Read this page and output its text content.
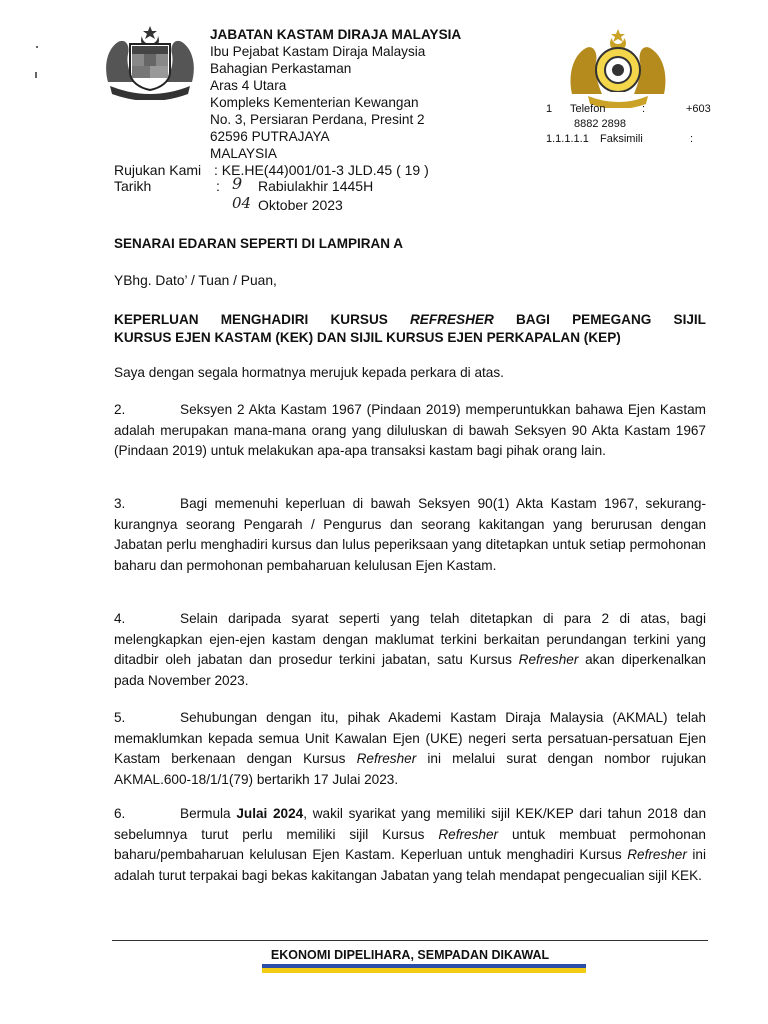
JABATAN KASTAM DIRAJA MALAYSIA
Ibu Pejabat Kastam Diraja Malaysia
Bahagian Perkastaman
Aras 4 Utara
Kompleks Kementerian Kewangan
No. 3, Persiaran Perdana, Presint 2
62596 PUTRAJAYA
MALAYSIA
1 Telefon	:	+603
8882 2898
1.1.1.1.1 Faksimili	:
Rujukan Kami : KE.HE(44)001/01-3 JLD.45 ( 19 )
Tarikh	: 9 Rabiulakhir 1445H
04 Oktober 2023
SENARAI EDARAN SEPERTI DI LAMPIRAN A
YBhg. Dato’ / Tuan / Puan,
KEPERLUAN MENGHADIRI KURSUS REFRESHER BAGI PEMEGANG SIJIL
KURSUS EJEN KASTAM (KEK) DAN SIJIL KURSUS EJEN PERKAPALAN (KEP)
Saya dengan segala hormatnya merujuk kepada perkara di atas.
2.	Seksyen 2 Akta Kastam 1967 (Pindaan 2019) memperuntukkan bahawa Ejen Kastam adalah merupakan mana-mana orang yang diluluskan di bawah Seksyen 90 Akta Kastam 1967 (Pindaan 2019) untuk melakukan apa-apa transaksi kastam bagi pihak orang lain.
3.	Bagi memenuhi keperluan di bawah Seksyen 90(1) Akta Kastam 1967, sekurang-kurangnya seorang Pengarah / Pengurus dan seorang kakitangan yang berurusan dengan Jabatan perlu menghadiri kursus dan lulus peperiksaan yang ditetapkan untuk setiap permohonan baharu dan permohonan pembaharuan kelulusan Ejen Kastam.
4.	Selain daripada syarat seperti yang telah ditetapkan di para 2 di atas, bagi melengkapkan ejen-ejen kastam dengan maklumat terkini berkaitan perundangan terkini yang ditadbir oleh jabatan dan prosedur terkini jabatan, satu Kursus Refresher akan diperkenalkan pada November 2023.
5.	Sehubungan dengan itu, pihak Akademi Kastam Diraja Malaysia (AKMAL) telah memaklumkan kepada semua Unit Kawalan Ejen (UKE) negeri serta persatuan-persatuan Ejen Kastam berkenaan dengan Kursus Refresher ini melalui surat dengan nombor rujukan AKMAL.600-18/1/1(79) bertarikh 17 Julai 2023.
6.	Bermula Julai 2024, wakil syarikat yang memiliki sijil KEK/KEP dari tahun 2018 dan sebelumnya turut perlu memiliki sijil Kursus Refresher untuk membuat permohonan baharu/pembaharuan kelulusan Ejen Kastam. Keperluan untuk menghadiri Kursus Refresher ini adalah turut terpakai bagi bekas kakitangan Jabatan yang telah mendapat pengecualian sijil KEK.
EKONOMI DIPELIHARA, SEMPADAN DIKAWAL
